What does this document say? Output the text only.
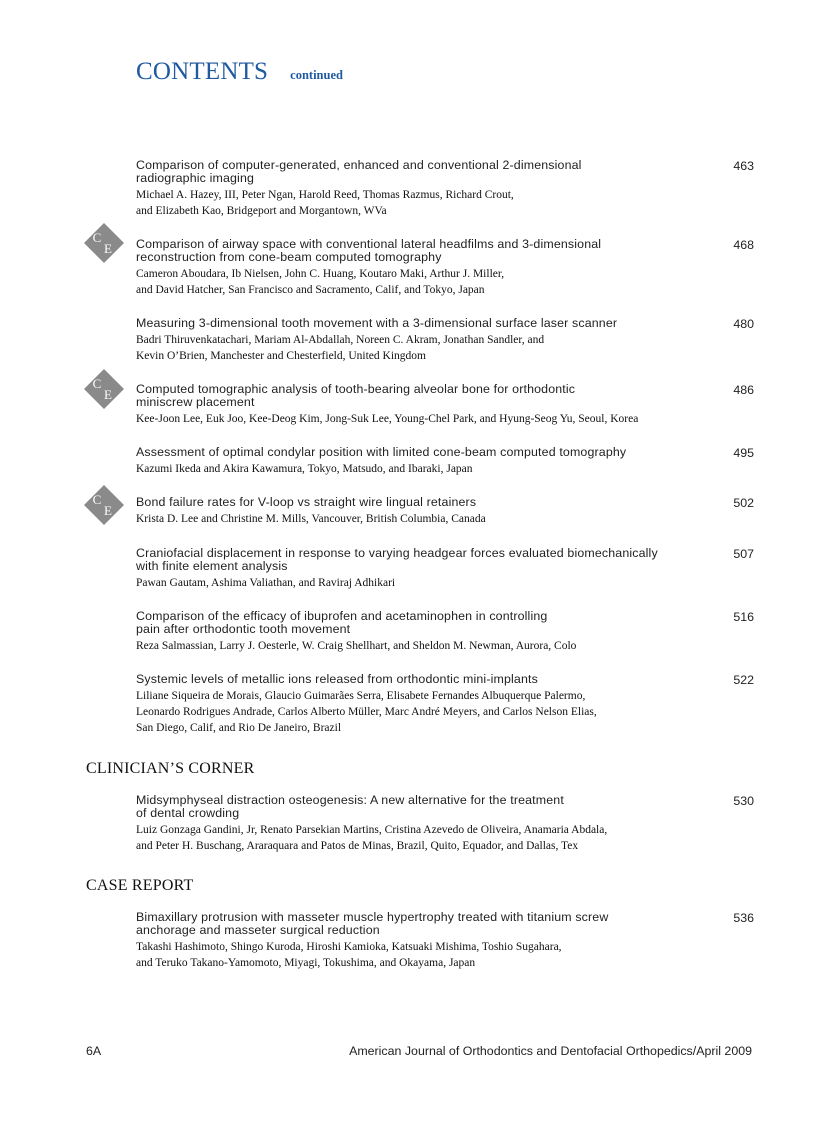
CONTENTS continued
C
E
C
E
C
E
Comparison of computer-generated, enhanced and conventional 2-dimensional
radiographic imaging
Michael A. Hazey, III, Peter Ngan, Harold Reed, Thomas Razmus, Richard Crout,
and Elizabeth Kao, Bridgeport and Morgantown, WVa
463
Comparison of airway space with conventional lateral headfilms and 3-dimensional
reconstruction from cone-beam computed tomography
Cameron Aboudara, Ib Nielsen, John C. Huang, Koutaro Maki, Arthur J. Miller,
and David Hatcher, San Francisco and Sacramento, Calif, and Tokyo, Japan
468
Measuring 3-dimensional tooth movement with a 3-dimensional surface laser scanner
Badri Thiruvenkatachari, Mariam Al-Abdallah, Noreen C. Akram, Jonathan Sandler, and
Kevin O’Brien, Manchester and Chesterfield, United Kingdom
480
Computed tomographic analysis of tooth-bearing alveolar bone for orthodontic
miniscrew placement
Kee-Joon Lee, Euk Joo, Kee-Deog Kim, Jong-Suk Lee, Young-Chel Park, and Hyung-Seog Yu, Seoul, Korea
486
Assessment of optimal condylar position with limited cone-beam computed tomography
Kazumi Ikeda and Akira Kawamura, Tokyo, Matsudo, and Ibaraki, Japan
495
Bond failure rates for V-loop vs straight wire lingual retainers
Krista D. Lee and Christine M. Mills, Vancouver, British Columbia, Canada
502
Craniofacial displacement in response to varying headgear forces evaluated biomechanically
with finite element analysis
Pawan Gautam, Ashima Valiathan, and Raviraj Adhikari
507
Comparison of the efficacy of ibuprofen and acetaminophen in controlling
pain after orthodontic tooth movement
Reza Salmassian, Larry J. Oesterle, W. Craig Shellhart, and Sheldon M. Newman, Aurora, Colo
516
Systemic levels of metallic ions released from orthodontic mini-implants
Liliane Siqueira de Morais, Glaucio Guimarães Serra, Elisabete Fernandes Albuquerque Palermo,
Leonardo Rodrigues Andrade, Carlos Alberto Müller, Marc André Meyers, and Carlos Nelson Elias,
San Diego, Calif, and Rio De Janeiro, Brazil
522
CLINICIAN’S CORNER
Midsymphyseal distraction osteogenesis: A new alternative for the treatment
of dental crowding
Luiz Gonzaga Gandini, Jr, Renato Parsekian Martins, Cristina Azevedo de Oliveira, Anamaria Abdala,
and Peter H. Buschang, Araraquara and Patos de Minas, Brazil, Quito, Equador, and Dallas, Tex
530
CASE REPORT
Bimaxillary protrusion with masseter muscle hypertrophy treated with titanium screw
anchorage and masseter surgical reduction
Takashi Hashimoto, Shingo Kuroda, Hiroshi Kamioka, Katsuaki Mishima, Toshio Sugahara,
and Teruko Takano-Yamomoto, Miyagi, Tokushima, and Okayama, Japan
536
6A	American Journal of Orthodontics and Dentofacial Orthopedics/April 2009
